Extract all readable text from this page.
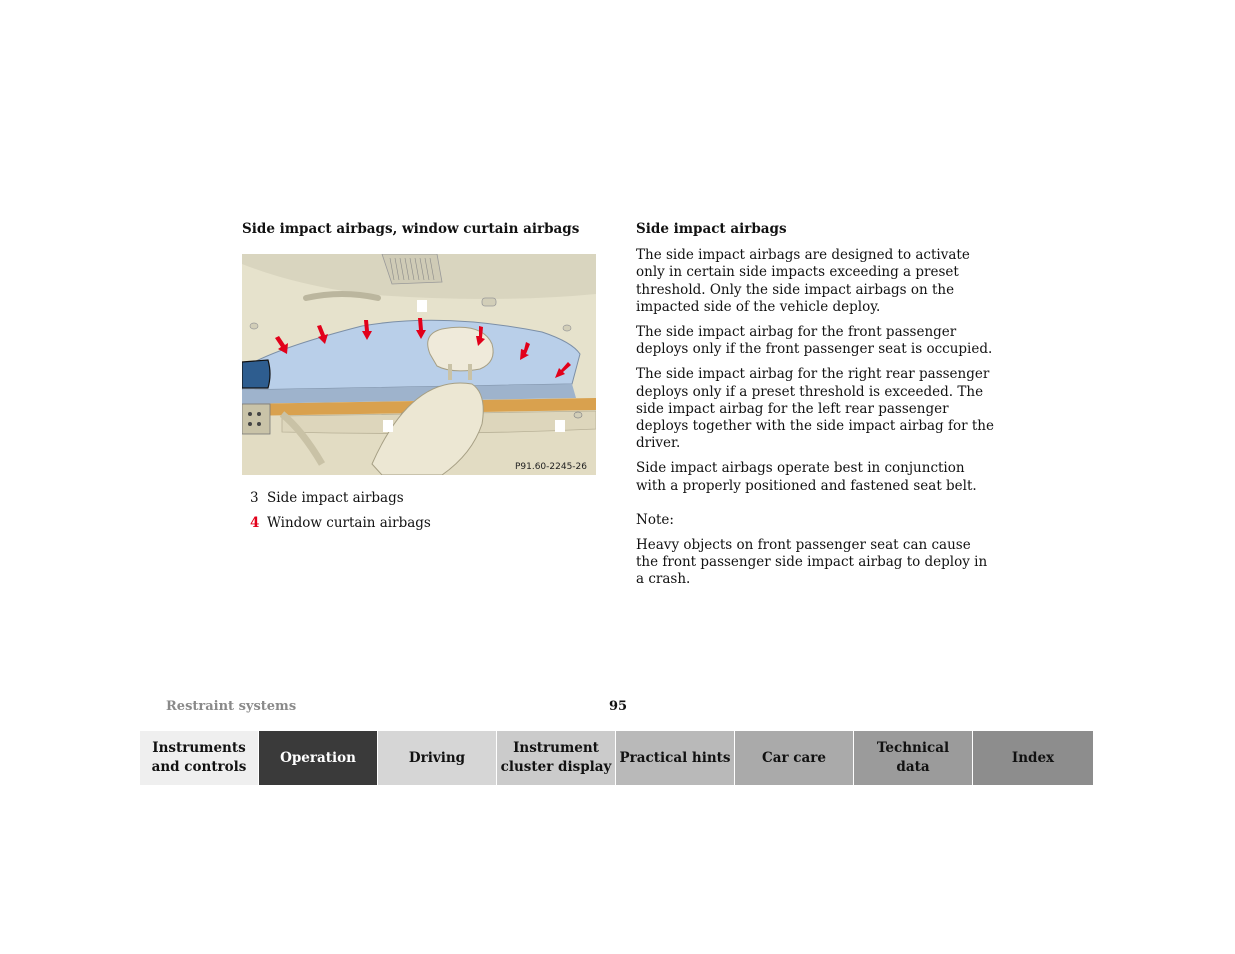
Side impact airbags, window curtain airbags
P91.60-2245-26
3 Side impact airbags
4 Window curtain airbags
Side impact airbags

The side impact airbags are designed to activate only in certain side impacts exceeding a preset threshold. Only the side impact airbags on the impacted side of the vehicle deploy.

The side impact airbag for the front passenger deploys only if the front passenger seat is occupied.

The side impact airbag for the right rear passenger deploys only if a preset threshold is exceeded. The side impact airbag for the left rear passenger deploys together with the side impact airbag for the driver.

Side impact airbags operate best in conjunction with a properly positioned and fastened seat belt.

Note:

Heavy objects on front passenger seat can cause the front passenger side impact airbag to deploy in a crash.

Restraint systems	95
Instruments
and controls
Operation	Driving
Instrument
cluster display
Practical hints Car care
Technical
data
Index
